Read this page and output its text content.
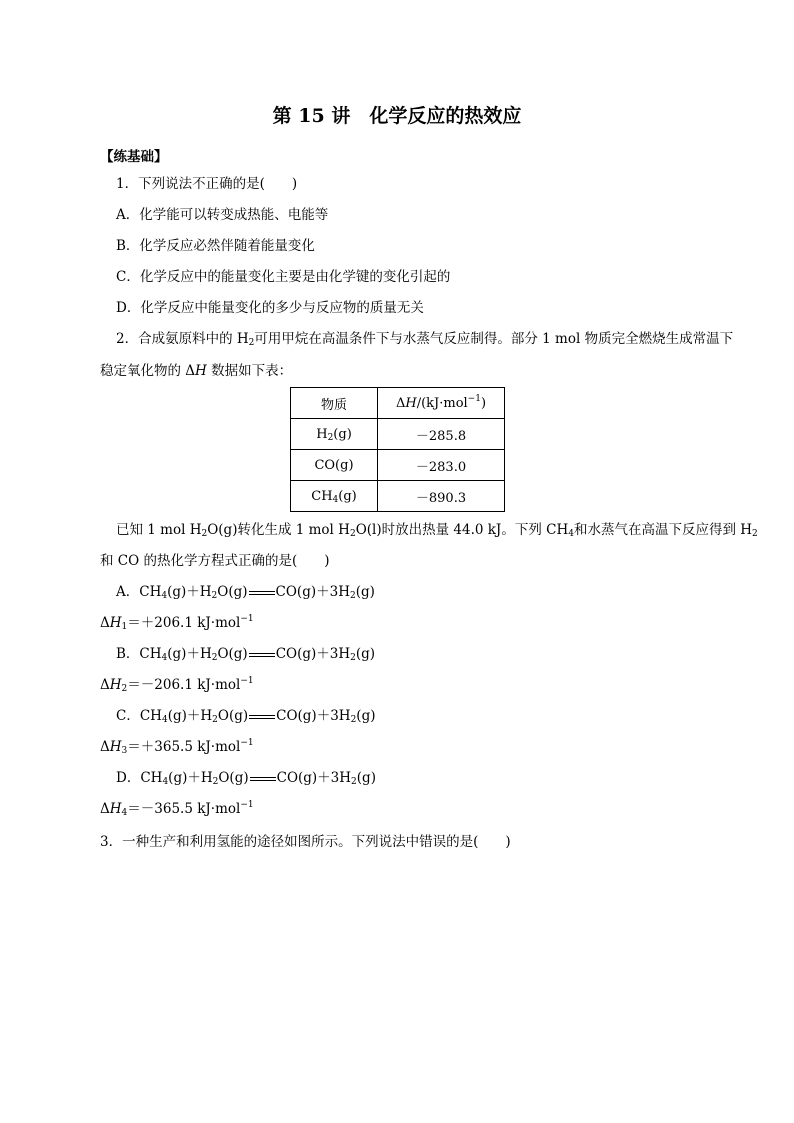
第 15 讲　化学反应的热效应
【练基础】
1．下列说法不正确的是(　　)
A．化学能可以转变成热能、电能等
B．化学反应必然伴随着能量变化
C．化学反应中的能量变化主要是由化学键的变化引起的
D．化学反应中能量变化的多少与反应物的质量无关
2．合成氨原料中的 $H_2$可用甲烷在高温条件下与水蒸气反应制得。部分 1 mol 物质完全燃烧生成常温下
稳定氧化物的 ΔH 数据如下表：
物质	ΔH/(kJ·mol$^{-1}$)
$H_2(g)$	－285.8
CO(g)	－283.0
$CH_4(g)$	－890.3
已知 1 mol $H_2O(g)$转化生成 1 mol $H_2O(l)$时放出热量 44.0 kJ。下列 $CH_4$和水蒸气在高温下反应得到 $H_2$
和 CO 的热化学方程式正确的是(　　)
A．$CH_4(g)+H_2O(g)$ $CO(g)+3H_2(g)$
$\Delta H_1=+206.1$ kJ·mol$^{-1}$
B．$CH_4(g)+H_2O(g)$ $CO(g)+3H_2(g)$
$\Delta H_2=-206.1$ kJ·mol$^{-1}$
C．$CH_4(g)+H_2O(g)$ $CO(g)+3H_2(g)$
$\Delta H_3=+365.5$ kJ·mol$^{-1}$
D．$CH_4(g)+H_2O(g)$ $CO(g)+3H_2(g)$
$\Delta H_4=-365.5$ kJ·mol$^{-1}$
3．一种生产和利用氢能的途径如图所示。下列说法中错误的是(　　)
